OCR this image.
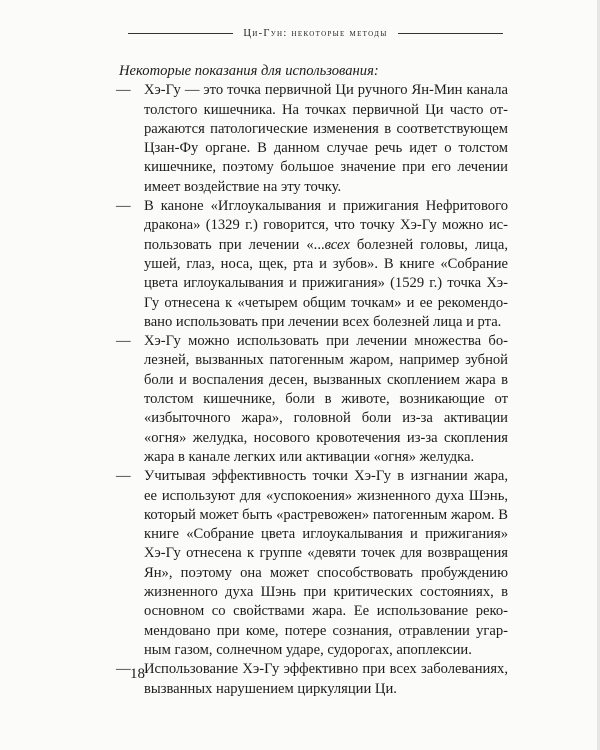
Ци-Гун: некоторые методы
Некоторые показания для использования:
— Хэ-Гу — это точка первичной Ци ручного Ян-Мин канала толстого кишечника. На точках первичной Ци часто отражаются патологические изменения в соответствующем Цзан-Фу органе. В данном случае речь идет о толстом кишечнике, поэтому большое значение при его лечении имеет воздействие на эту точку.
— В каноне «Иглоукалывания и прижигания Нефритового дракона» (1329 г.) говорится, что точку Хэ-Гу можно использовать при лечении «...всех болезней головы, лица, ушей, глаз, носа, щек, рта и зубов». В книге «Собрание цвета иглоукалывания и прижигания» (1529 г.) точка Хэ-Гу отнесена к «четырем общим точкам» и ее рекомендовано использовать при лечении всех болезней лица и рта.
— Хэ-Гу можно использовать при лечении множества болезней, вызванных патогенным жаром, например зубной боли и воспаления десен, вызванных скоплением жара в толстом кишечнике, боли в животе, возникающие от «избыточного жара», головной боли из-за активации «огня» желудка, носового кровотечения из-за скопления жара в канале легких или активации «огня» желудка.
— Учитывая эффективность точки Хэ-Гу в изгнании жара, ее используют для «успокоения» жизненного духа Шэнь, который может быть «растревожен» патогенным жаром. В книге «Собрание цвета иглоукалывания и прижигания» Хэ-Гу отнесена к группе «девяти точек для возвращения Ян», поэтому она может способствовать пробуждению жизненного духа Шэнь при критических состояниях, в основном со свойствами жара. Ее использование рекомендовано при коме, потере сознания, отравлении угарным газом, солнечном ударе, судорогах, апоплексии.
— Использование Хэ-Гу эффективно при всех заболеваниях, вызванных нарушением циркуляции Ци.
18
